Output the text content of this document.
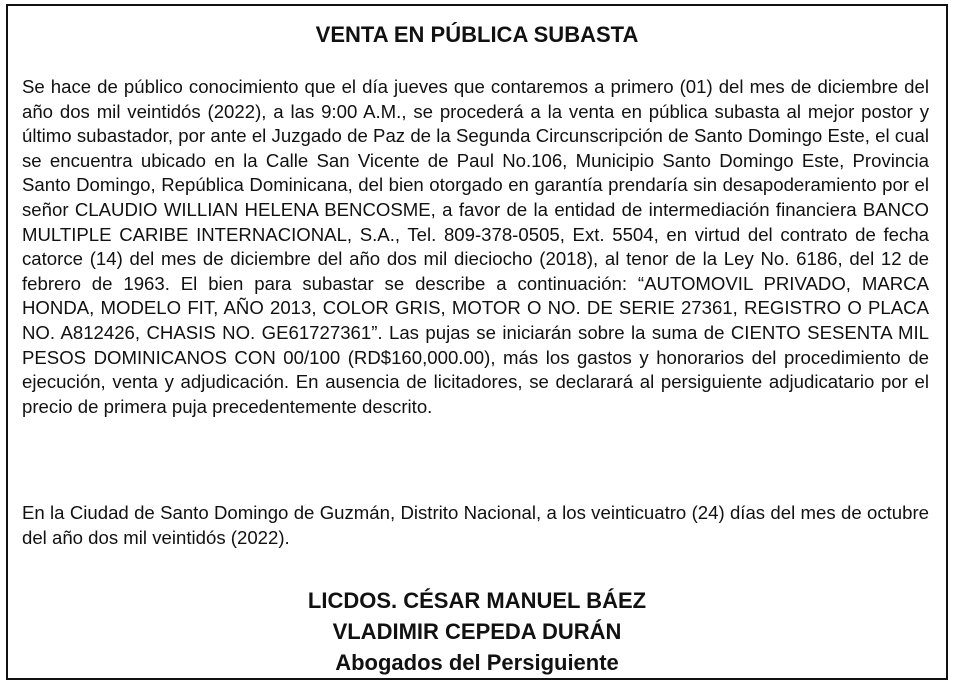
VENTA EN PÚBLICA SUBASTA

Se hace de público conocimiento que el día jueves que contaremos a primero (01) del mes de diciembre del año dos mil veintidós (2022), a las 9:00 A.M., se procederá a la venta en pública subasta al mejor postor y último subastador, por ante el Juzgado de Paz de la Segunda Circunscripción de Santo Domingo Este, el cual se encuentra ubicado en la Calle San Vicente de Paul No.106, Municipio Santo Domingo Este, Provincia Santo Domingo, República Dominicana, del bien otorgado en garantía prendaría sin desapoderamiento por el señor CLAUDIO WILLIAN HELENA BENCOSME, a favor de la entidad de intermediación financiera BANCO MULTIPLE CARIBE INTERNACIONAL, S.A., Tel. 809-378-0505, Ext. 5504, en virtud del contrato de fecha catorce (14) del mes de diciembre del año dos mil dieciocho (2018), al tenor de la Ley No. 6186, del 12 de febrero de 1963. El bien para subastar se describe a continuación: “AUTOMOVIL PRIVADO, MARCA HONDA, MODELO FIT, AÑO 2013, COLOR GRIS, MOTOR O NO. DE SERIE 27361, REGISTRO O PLACA NO. A812426, CHASIS NO. GE61727361”. Las pujas se iniciarán sobre la suma de CIENTO SESENTA MIL PESOS DOMINICANOS CON 00/100 (RD$160,000.00), más los gastos y honorarios del procedimiento de ejecución, venta y adjudicación. En ausencia de licitadores, se declarará al persiguiente adjudicatario por el precio de primera puja precedentemente descrito.

En la Ciudad de Santo Domingo de Guzmán, Distrito Nacional, a los veinticuatro (24) días del mes de octubre del año dos mil veintidós (2022).

LICDOS. CÉSAR MANUEL BÁEZ
VLADIMIR CEPEDA DURÁN
Abogados del Persiguiente
